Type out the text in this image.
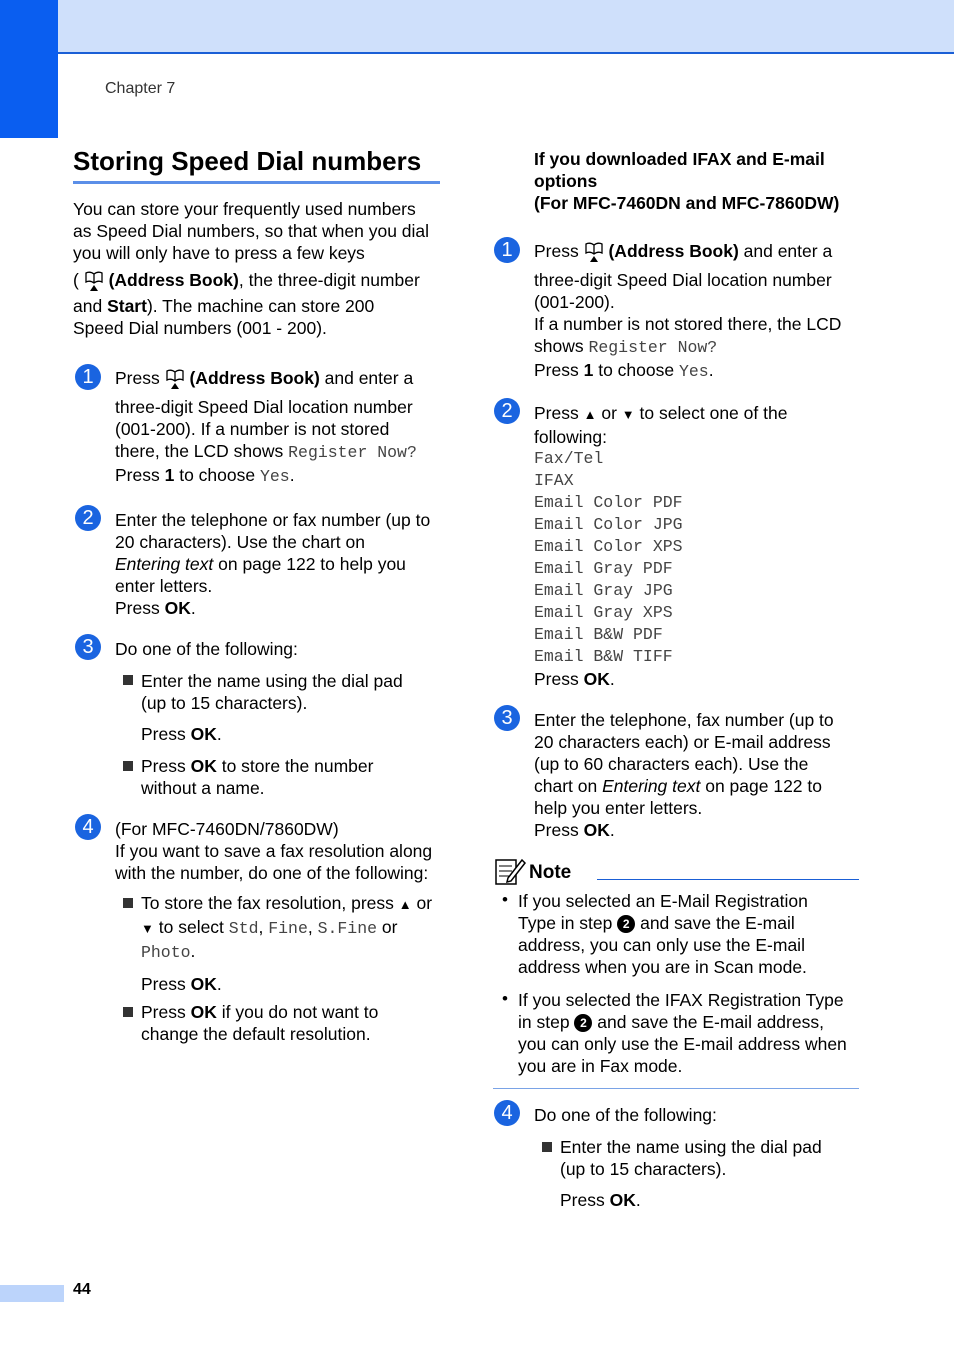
Chapter 7
Storing Speed Dial numbers
You can store your frequently used numbers
as Speed Dial numbers, so that when you dial
you will only have to press a few keys
( (Address Book), the three-digit number
and Start). The machine can store 200
Speed Dial numbers (001 - 200).
1	Press (Address Book) and enter a
three-digit Speed Dial location number
(001-200). If a number is not stored
there, the LCD shows Register Now?
Press 1 to choose Yes.
2	Enter the telephone or fax number (up to
20 characters). Use the chart on
Entering text on page 122 to help you
enter letters.
Press OK.
3	Do one of the following:
Enter the name using the dial pad
(up to 15 characters).
Press OK.
Press OK to store the number
without a name.
4	(For MFC-7460DN/7860DW)
If you want to save a fax resolution along
with the number, do one of the following:
To store the fax resolution, press ▲ or
▼ to select Std, Fine, S.Fine or
Photo.
Press OK.
Press OK if you do not want to
change the default resolution.
If you downloaded IFAX and E-mail
options
(For MFC-7460DN and MFC-7860DW)
1	Press (Address Book) and enter a
three-digit Speed Dial location number
(001-200).
If a number is not stored there, the LCD
shows Register Now?
Press 1 to choose Yes.
2	Press ▲ or ▼ to select one of the
following:
Fax/Tel
IFAX
Email Color PDF
Email Color JPG
Email Color XPS
Email Gray PDF
Email Gray JPG
Email Gray XPS
Email B&W PDF
Email B&W TIFF
Press OK.
3	Enter the telephone, fax number (up to
20 characters each) or E-mail address
(up to 60 characters each). Use the
chart on Entering text on page 122 to
help you enter letters.
Press OK.
Note
• If you selected an E-Mail Registration
Type in step 2 and save the E-mail
address, you can only use the E-mail
address when you are in Scan mode.
• If you selected the IFAX Registration Type
in step 2 and save the E-mail address,
you can only use the E-mail address when
you are in Fax mode.
4	Do one of the following:
Enter the name using the dial pad
(up to 15 characters).
Press OK.
44
